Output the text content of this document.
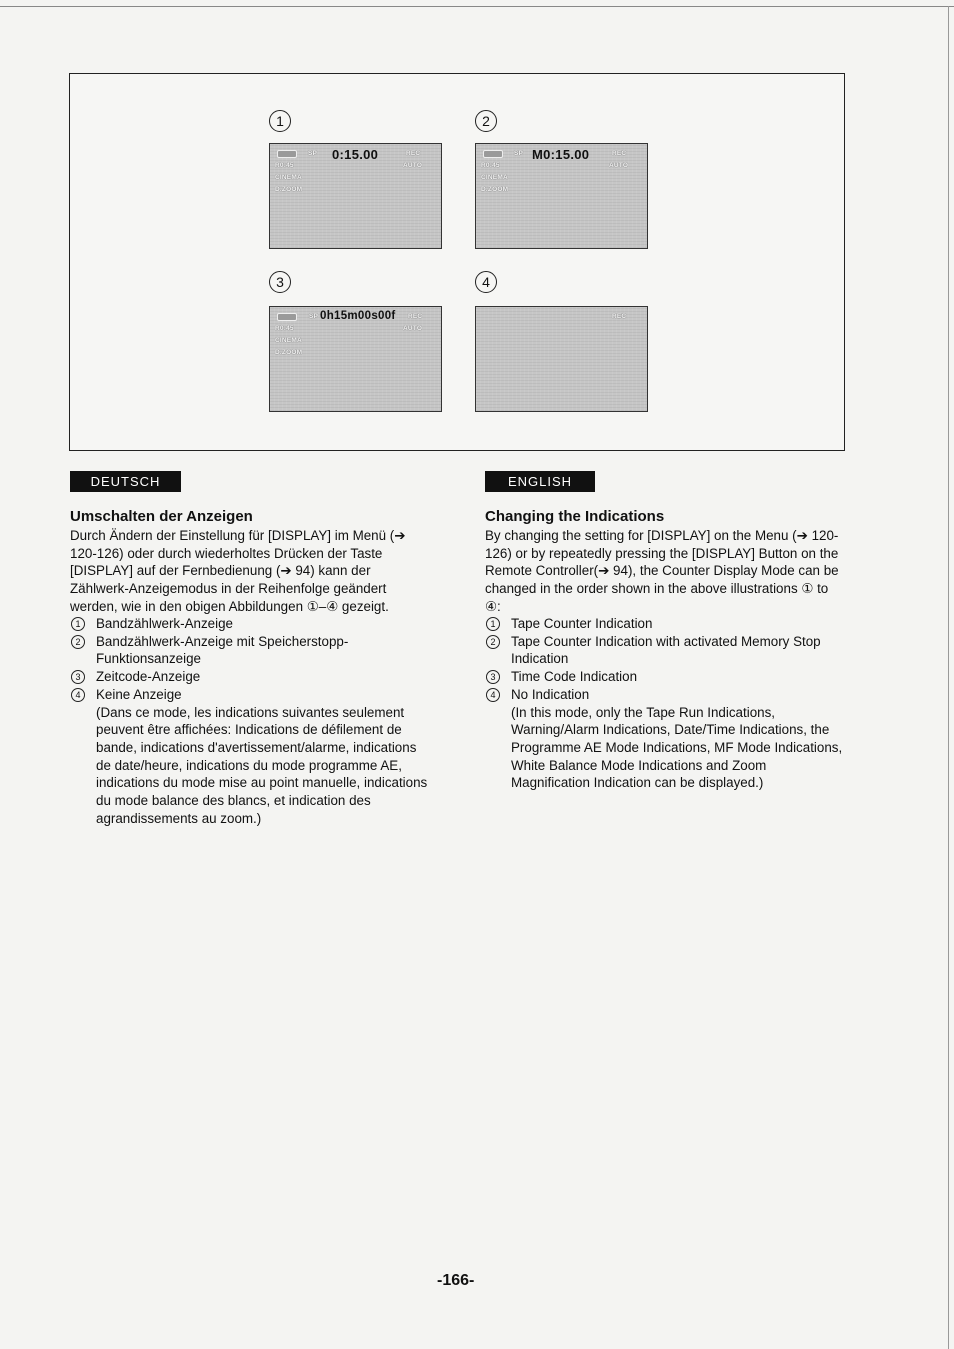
1
SP 0:15.00	REC
AUTO
R0:45
CINEMA
D.ZOOM
2
SP M0:15.00	REC
AUTO
R0:45
CINEMA
D.ZOOM
3
SP 0h15m00s00f REC
AUTO
R0:45
CINEMA
D.ZOOM
4
REC
DEUTSCH
Umschalten der Anzeigen
Durch Ändern der Einstellung für [DISPLAY] im Menü (➔ 120-126) oder durch wiederholtes Drücken der Taste [DISPLAY] auf der Fernbedienung (➔ 94) kann der Zählwerk-Anzeigemodus in der Reihenfolge geändert werden, wie in den obigen Abbildungen ①–④ gezeigt.
1	Bandzählwerk-Anzeige
2	Bandzählwerk-Anzeige mit Speicherstopp-Funktionsanzeige
3	Zeitcode-Anzeige
4	Keine Anzeige
(Dans ce mode, les indications suivantes seulement peuvent être affichées: Indications de défilement de bande, indications d'avertissement/alarme, indications de date/heure, indications du mode programme AE, indications du mode mise au point manuelle, indications du mode balance des blancs, et indication des agrandissements au zoom.)
ENGLISH
Changing the Indications
By changing the setting for [DISPLAY] on the Menu (➔ 120-126) or by repeatedly pressing the [DISPLAY] Button on the Remote Controller(➔ 94), the Counter Display Mode can be changed in the order shown in the above illustrations ① to ④:
1	Tape Counter Indication
2	Tape Counter Indication with activated Memory Stop Indication
3	Time Code Indication
4	No Indication
(In this mode, only the Tape Run Indications, Warning/Alarm Indications, Date/Time Indications, the Programme AE Mode Indications, MF Mode Indications, White Balance Mode Indications and Zoom Magnification Indication can be displayed.)
-166-
